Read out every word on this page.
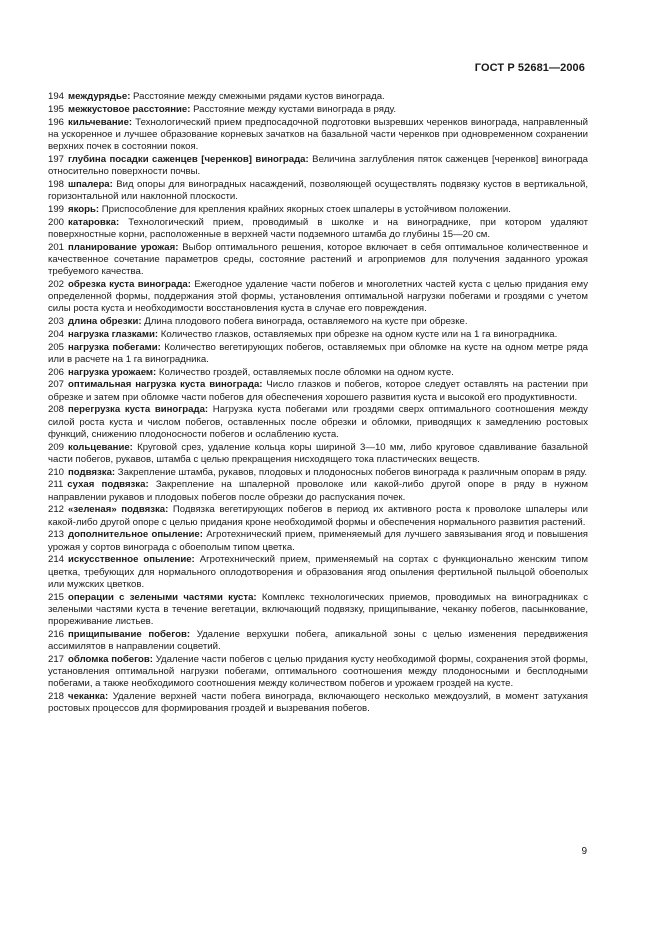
ГОСТ Р 52681—2006
194 междурядье: Расстояние между смежными рядами кустов винограда.
195 межкустовое расстояние: Расстояние между кустами винограда в ряду.
196 кильчевание: Технологический прием предпосадочной подготовки вызревших черенков винограда, направленный на ускоренное и лучшее образование корневых зачатков на базальной части черенков при одновременном сохранении верхних почек в состоянии покоя.
197 глубина посадки саженцев [черенков] винограда: Величина заглубления пяток саженцев [черенков] винограда относительно поверхности почвы.
198 шпалера: Вид опоры для виноградных насаждений, позволяющей осуществлять подвязку кустов в вертикальной, горизонтальной или наклонной плоскости.
199 якорь: Приспособление для крепления крайних якорных стоек шпалеры в устойчивом положении.
200 катаровка: Технологический прием, проводимый в школке и на винограднике, при котором удаляют поверхностные корни, расположенные в верхней части подземного штамба до глубины 15—20 см.
201 планирование урожая: Выбор оптимального решения, которое включает в себя оптимальное количественное и качественное сочетание параметров среды, состояние растений и агроприемов для получения заданного урожая требуемого качества.
202 обрезка куста винограда: Ежегодное удаление части побегов и многолетних частей куста с целью придания ему определенной формы, поддержания этой формы, установления оптимальной нагрузки побегами и гроздями с учетом силы роста куста и необходимости восстановления куста в случае его повреждения.
203 длина обрезки: Длина плодового побега винограда, оставляемого на кусте при обрезке.
204 нагрузка глазками: Количество глазков, оставляемых при обрезке на одном кусте или на 1 га виноградника.
205 нагрузка побегами: Количество вегетирующих побегов, оставляемых при обломке на кусте на одном метре ряда или в расчете на 1 га виноградника.
206 нагрузка урожаем: Количество гроздей, оставляемых после обломки на одном кусте.
207 оптимальная нагрузка куста винограда: Число глазков и побегов, которое следует оставлять на растении при обрезке и затем при обломке части побегов для обеспечения хорошего развития куста и высокой его продуктивности.
208 перегрузка куста винограда: Нагрузка куста побегами или гроздями сверх оптимального соотношения между силой роста куста и числом побегов, оставленных после обрезки и обломки, приводящих к замедлению ростовых функций, снижению плодоносности побегов и ослаблению куста.
209 кольцевание: Круговой срез, удаление кольца коры шириной 3—10 мм, либо круговое сдавливание базальной части побегов, рукавов, штамба с целью прекращения нисходящего тока пластических веществ.
210 подвязка: Закрепление штамба, рукавов, плодовых и плодоносных побегов винограда к различным опорам в ряду.
211 сухая подвязка: Закрепление на шпалерной проволоке или какой-либо другой опоре в ряду в нужном направлении рукавов и плодовых побегов после обрезки до распускания почек.
212 «зеленая» подвязка: Подвязка вегетирующих побегов в период их активного роста к проволоке шпалеры или какой-либо другой опоре с целью придания кроне необходимой формы и обеспечения нормального развития растений.
213 дополнительное опыление: Агротехнический прием, применяемый для лучшего завязывания ягод и повышения урожая у сортов винограда с обоеполым типом цветка.
214 искусственное опыление: Агротехнический прием, применяемый на сортах с функционально женским типом цветка, требующих для нормального оплодотворения и образования ягод опыления фертильной пыльцой обоеполых или мужских цветков.
215 операции с зелеными частями куста: Комплекс технологических приемов, проводимых на виноградниках с зелеными частями куста в течение вегетации, включающий подвязку, прищипывание, чеканку побегов, пасынкование, прореживание листьев.
216 прищипывание побегов: Удаление верхушки побега, апикальной зоны с целью изменения передвижения ассимилятов в направлении соцветий.
217 обломка побегов: Удаление части побегов с целью придания кусту необходимой формы, сохранения этой формы, установления оптимальной нагрузки побегами, оптимального соотношения между плодоносными и бесплодными побегами, а также необходимого соотношения между количеством побегов и урожаем гроздей на кусте.
218 чеканка: Удаление верхней части побега винограда, включающего несколько междоузлий, в момент затухания ростовых процессов для формирования гроздей и вызревания побегов.
9
